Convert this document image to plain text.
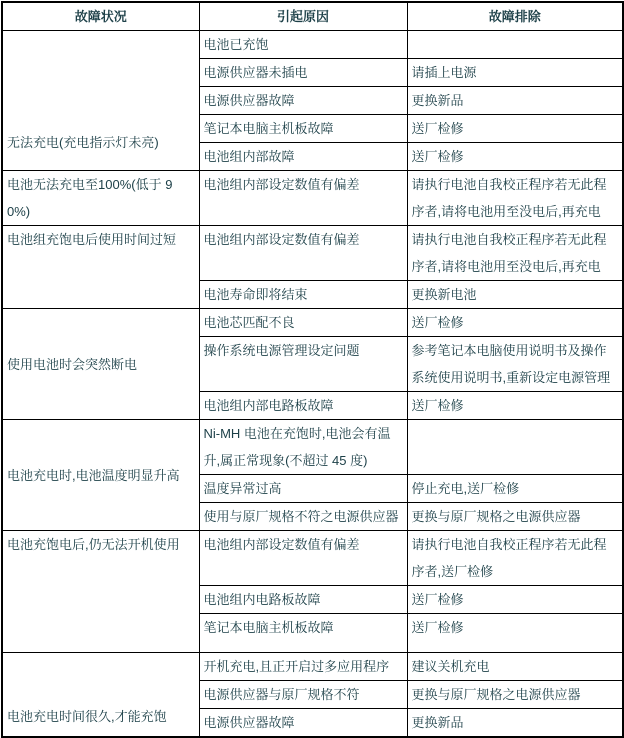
故障状况	引起原因	故障排除
无法充电(充电指示灯未亮)	电池已充饱	
	电源供应器未插电	请插上电源
	电源供应器故障	更换新品
	笔记本电脑主机板故障	送厂检修
	电池组内部故障	送厂检修
电池无法充电至100%(低于 90%)	电池组内部设定数值有偏差	请执行电池自我校正程序若无此程序者,请将电池用至没电后,再充电
电池组充饱电后使用时间过短	电池组内部设定数值有偏差	请执行电池自我校正程序若无此程序者,请将电池用至没电后,再充电
	电池寿命即将结束	更换新电池
使用电池时会突然断电	电池芯匹配不良	送厂检修
	操作系统电源管理设定问题	参考笔记本电脑使用说明书及操作系统使用说明书,重新设定电源管理
	电池组内部电路板故障	送厂检修
电池充电时,电池温度明显升高	Ni-MH 电池在充饱时,电池会有温升,属正常现象(不超过 45 度)	
	温度异常过高	停止充电,送厂检修
	使用与原厂规格不符之电源供应器	更换与原厂规格之电源供应器
电池充饱电后,仍无法开机使用	电池组内部设定数值有偏差	请执行电池自我校正程序若无此程序者,送厂检修
	电池组内电路板故障	送厂检修
	笔记本电脑主机板故障	送厂检修
电池充电时间很久,才能充饱	开机充电,且正开启过多应用程序	建议关机充电
	电源供应器与原厂规格不符	更换与原厂规格之电源供应器
	电源供应器故障	更换新品
